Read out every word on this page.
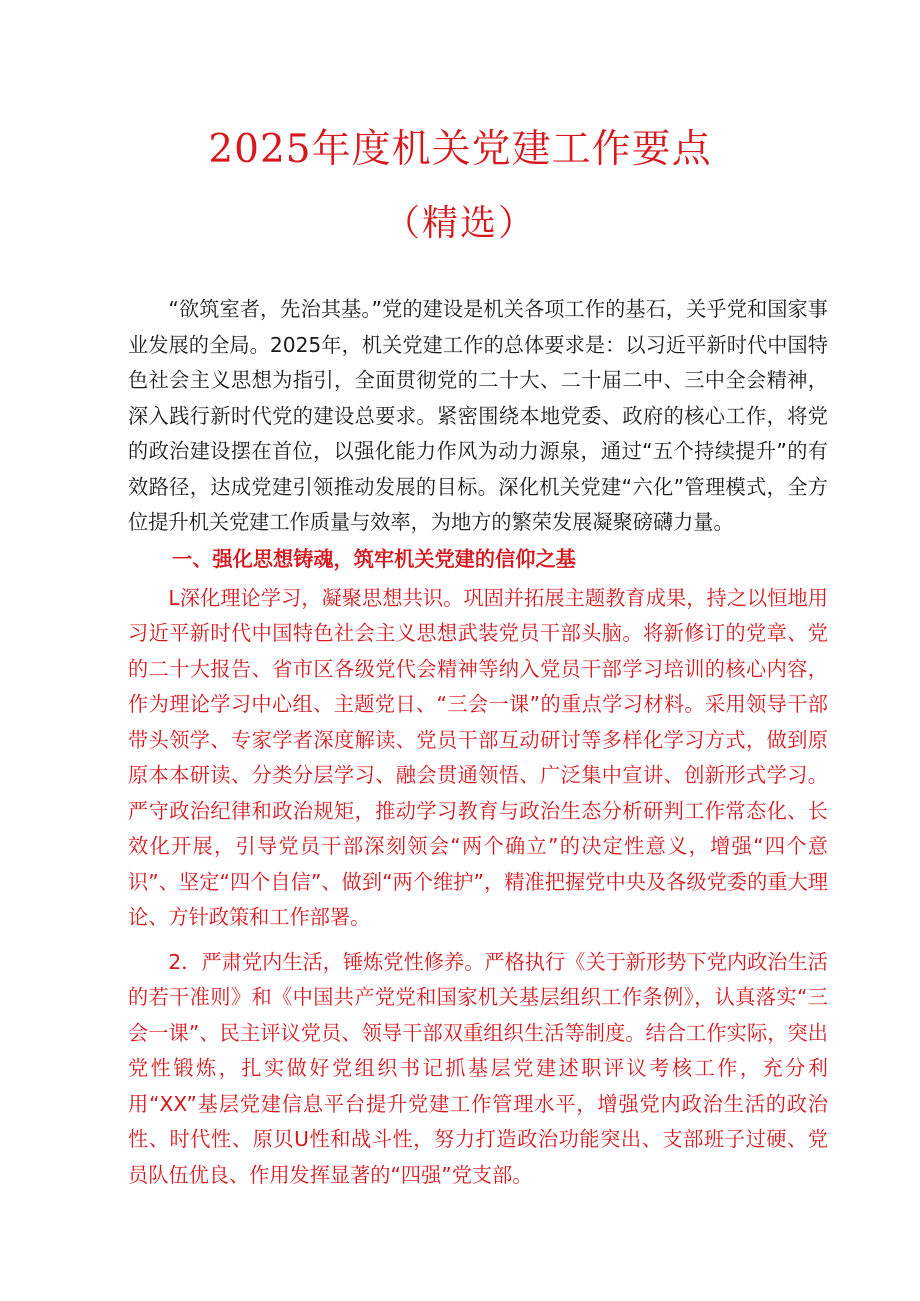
2025年度机关党建工作要点
（精选）

“欲筑室者，先治其基。”党的建设是机关各项工作的基石，关乎党和国家事业发展的全局。2025年，机关党建工作的总体要求是：以习近平新时代中国特色社会主义思想为指引，全面贯彻党的二十大、二十届二中、三中全会精神，深入践行新时代党的建设总要求。紧密围绕本地党委、政府的核心工作，将党的政治建设摆在首位，以强化能力作风为动力源泉，通过“五个持续提升”的有效路径，达成党建引领推动发展的目标。深化机关党建“六化”管理模式，全方位提升机关党建工作质量与效率，为地方的繁荣发展凝聚磅礴力量。

一、强化思想铸魂，筑牢机关党建的信仰之基

L深化理论学习，凝聚思想共识。巩固并拓展主题教育成果，持之以恒地用习近平新时代中国特色社会主义思想武装党员干部头脑。将新修订的党章、党的二十大报告、省市区各级党代会精神等纳入党员干部学习培训的核心内容，作为理论学习中心组、主题党日、“三会一课”的重点学习材料。采用领导干部带头领学、专家学者深度解读、党员干部互动研讨等多样化学习方式，做到原原本本研读、分类分层学习、融会贯通领悟、广泛集中宣讲、创新形式学习。严守政治纪律和政治规矩，推动学习教育与政治生态分析研判工作常态化、长效化开展，引导党员干部深刻领会“两个确立”的决定性意义，增强“四个意识”、坚定“四个自信”、做到“两个维护”，精准把握党中央及各级党委的重大理论、方针政策和工作部署。

2．严肃党内生活，锤炼党性修养。严格执行《关于新形势下党内政治生活的若干准则》和《中国共产党党和国家机关基层组织工作条例》，认真落实“三会一课”、民主评议党员、领导干部双重组织生活等制度。结合工作实际，突出党性锻炼，扎实做好党组织书记抓基层党建述职评议考核工作，充分利用“XX”基层党建信息平台提升党建工作管理水平，增强党内政治生活的政治性、时代性、原贝U性和战斗性，努力打造政治功能突出、支部班子过硬、党员队伍优良、作用发挥显著的“四强”党支部。
